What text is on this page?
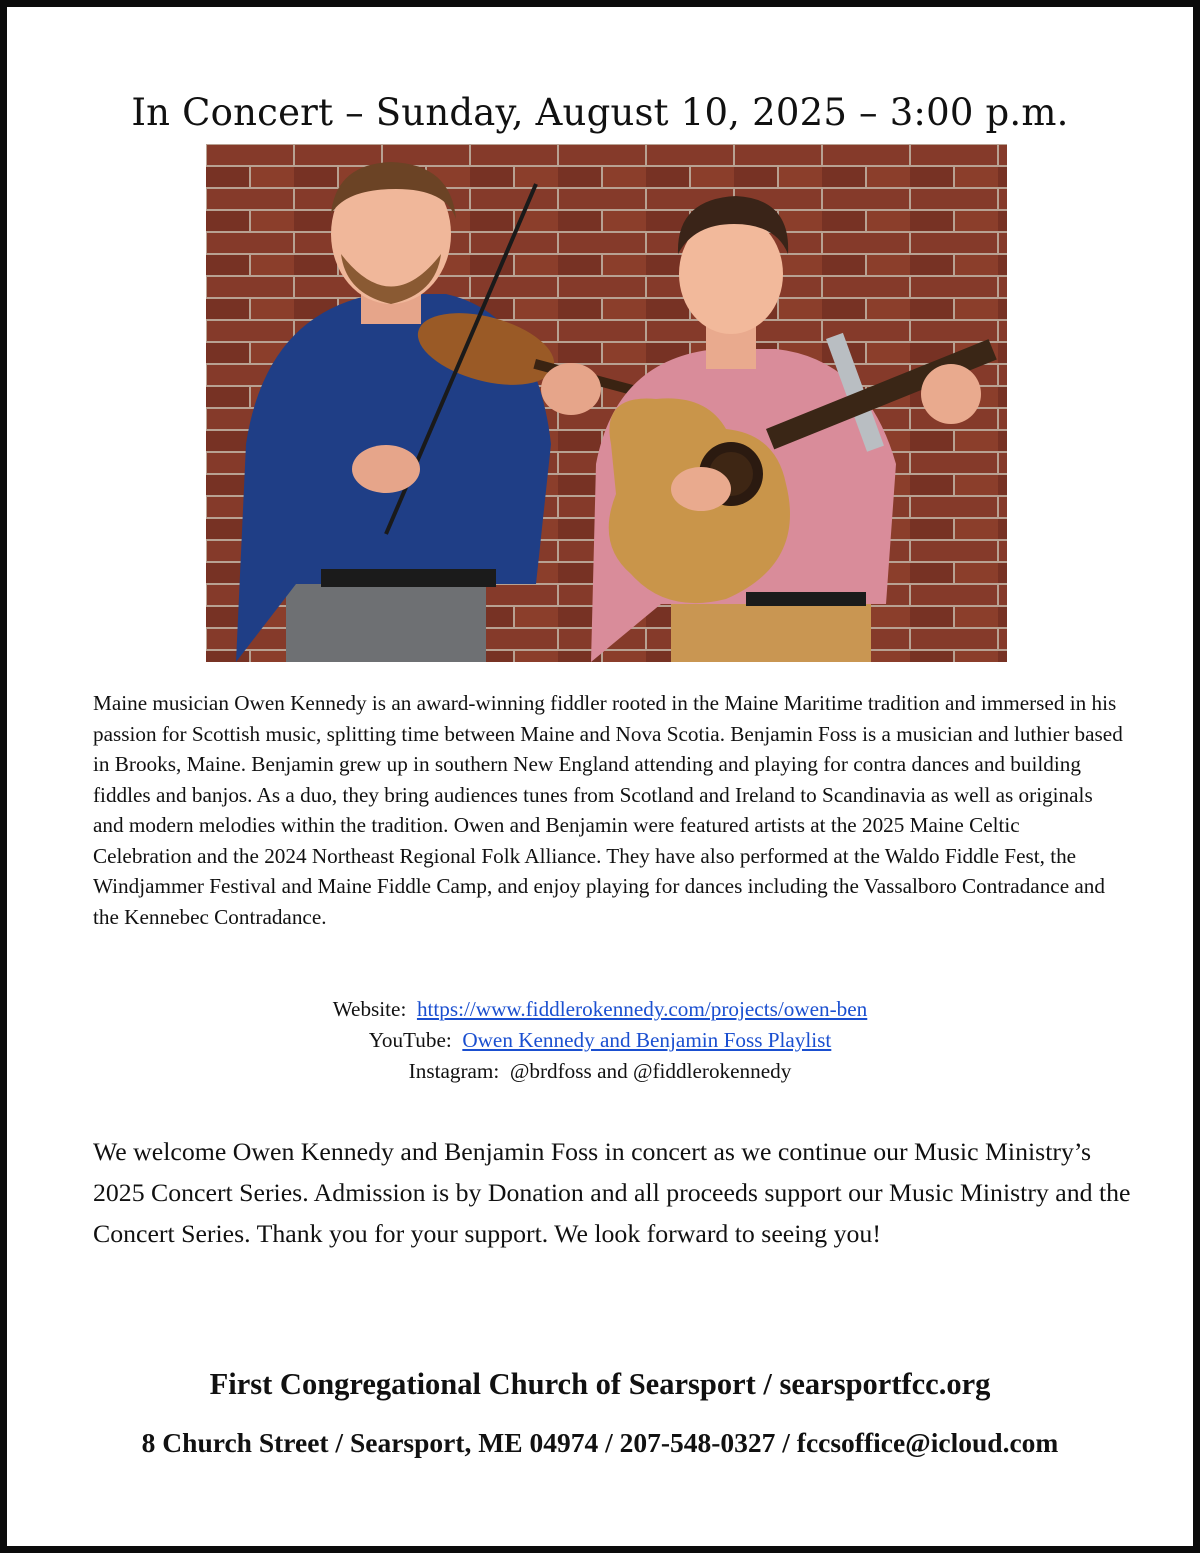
In Concert – Sunday, August 10, 2025 – 3:00 p.m.

Maine musician Owen Kennedy is an award-winning fiddler rooted in the Maine Maritime tradition and immersed in his passion for Scottish music, splitting time between Maine and Nova Scotia. Benjamin Foss is a musician and luthier based in Brooks, Maine. Benjamin grew up in southern New England attending and playing for contra dances and building fiddles and banjos. As a duo, they bring audiences tunes from Scotland and Ireland to Scandinavia as well as originals and modern melodies within the tradition. Owen and Benjamin were featured artists at the 2025 Maine Celtic Celebration and the 2024 Northeast Regional Folk Alliance. They have also performed at the Waldo Fiddle Fest, the Windjammer Festival and Maine Fiddle Camp, and enjoy playing for dances including the Vassalboro Contradance and the Kennebec Contradance.

Website: https://www.fiddlerokennedy.com/projects/owen-ben
YouTube: Owen Kennedy and Benjamin Foss Playlist
Instagram: @brdfoss and @fiddlerokennedy

We welcome Owen Kennedy and Benjamin Foss in concert as we continue our Music Ministry’s 2025 Concert Series. Admission is by Donation and all proceeds support our Music Ministry and the Concert Series. Thank you for your support. We look forward to seeing you!

First Congregational Church of Searsport / searsportfcc.org
8 Church Street / Searsport, ME 04974 / 207-548-0327 / fccsoffice@icloud.com
